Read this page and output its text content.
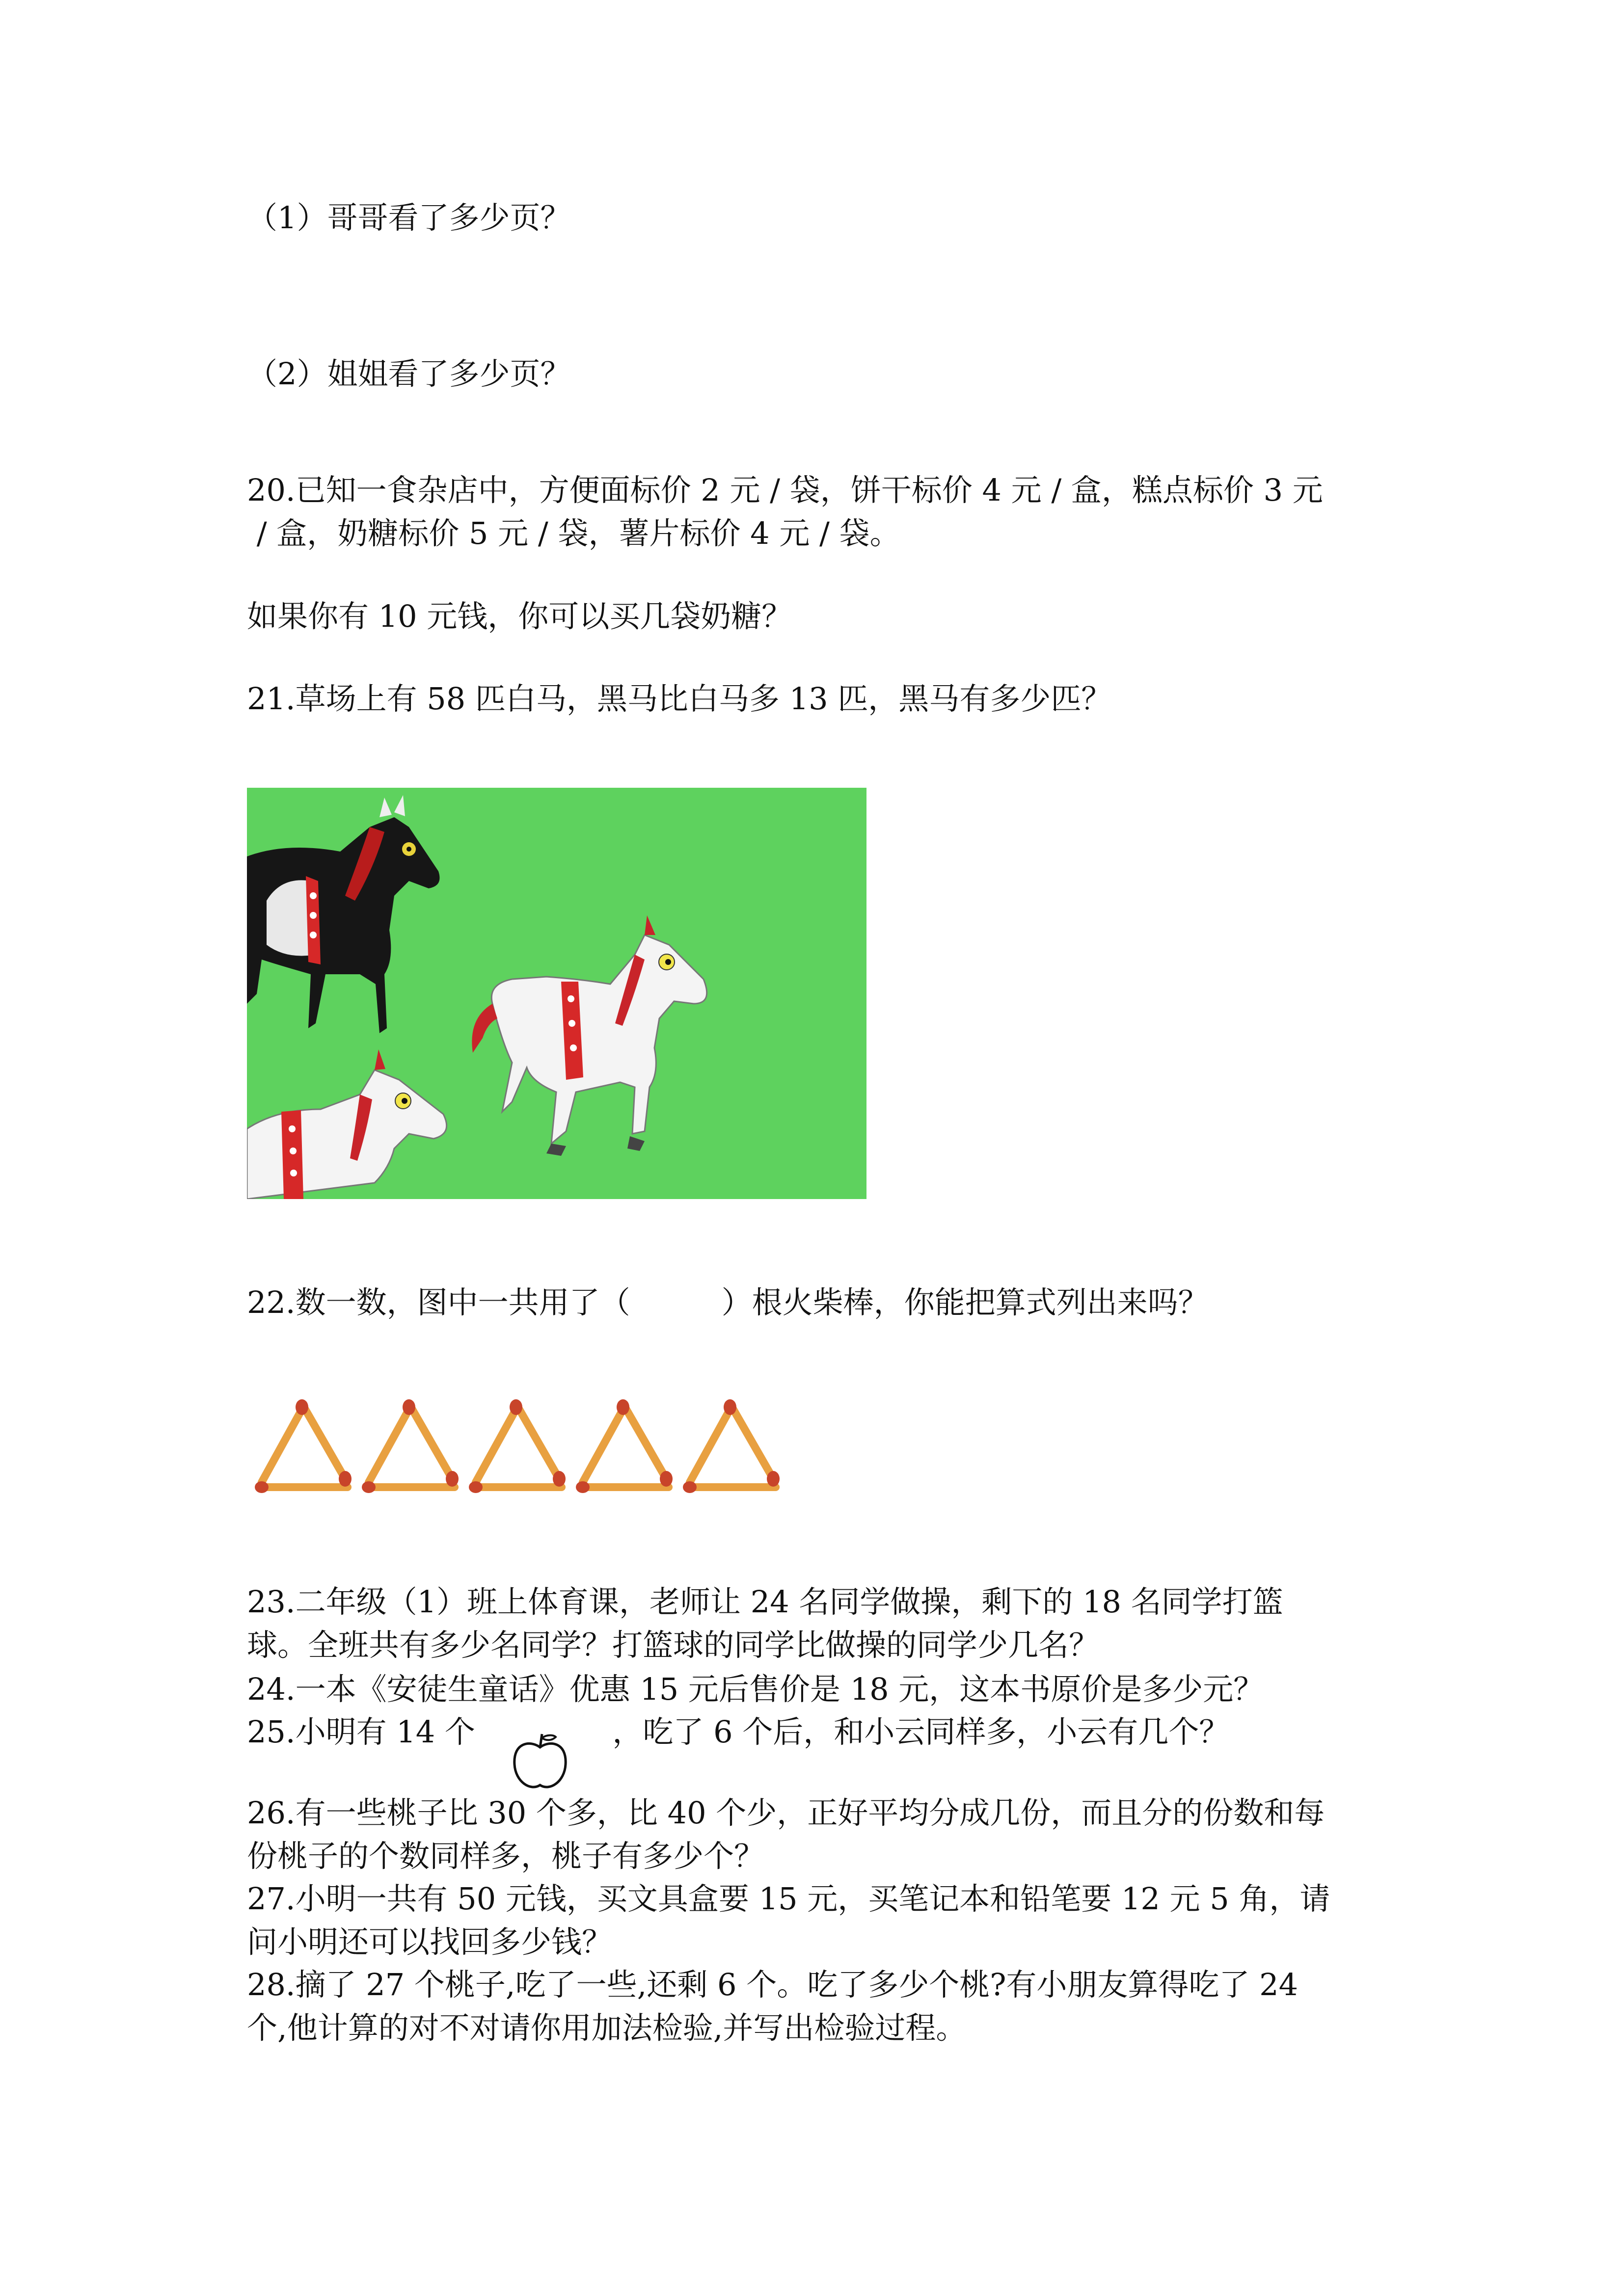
（1）哥哥看了多少页？
（2）姐姐看了多少页？

20.已知一食杂店中，方便面标价 2 元 / 袋，饼干标价 4 元 / 盒，糕点标价 3 元

/ 盒，奶糖标价 5 元 / 袋，薯片标价 4 元 / 袋。

如果你有 10 元钱，你可以买几袋奶糖？
21.草场上有 58 匹白马，黑马比白马多 13 匹，黑马有多少匹？
22.数一数，图中一共用了（　　　）根火柴棒，你能把算式列出来吗？

23.二年级（1）班上体育课，老师让 24 名同学做操，剩下的 18 名同学打篮

球。全班共有多少名同学？打篮球的同学比做操的同学少几名？

24.一本《安徒生童话》优惠 15 元后售价是 18 元，这本书原价是多少元？
25.小明有 14 个	，吃了 6 个后，和小云同样多，小云有几个？

26.有一些桃子比 30 个多，比 40 个少，正好平均分成几份，而且分的份数和每

份桃子的个数同样多，桃子有多少个？

27.小明一共有 50 元钱，买文具盒要 15 元，买笔记本和铅笔要 12 元 5 角，请

问小明还可以找回多少钱？

28.摘了 27 个桃子,吃了一些,还剩 6 个。吃了多少个桃?有小朋友算得吃了 24

个,他计算的对不对请你用加法检验,并写出检验过程。
